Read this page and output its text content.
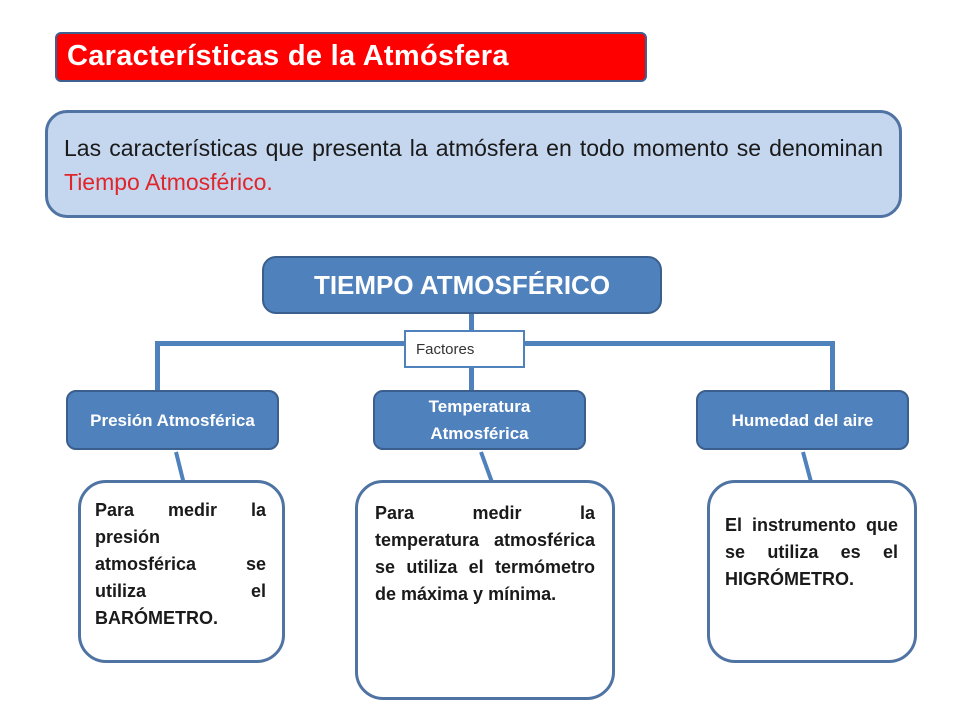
Características de la Atmósfera

Las características que presenta la atmósfera en todo momento se denominan Tiempo Atmosférico.

TIEMPO ATMOSFÉRICO
Factores
Presión Atmosférica
Temperatura Atmosférica
Humedad del aire

Para medir la presión atmosférica se utiliza el BARÓMETRO.

Para medir la temperatura atmosférica se utiliza el termómetro de máxima y mínima.

El instrumento que se utiliza es el HIGRÓMETRO.
